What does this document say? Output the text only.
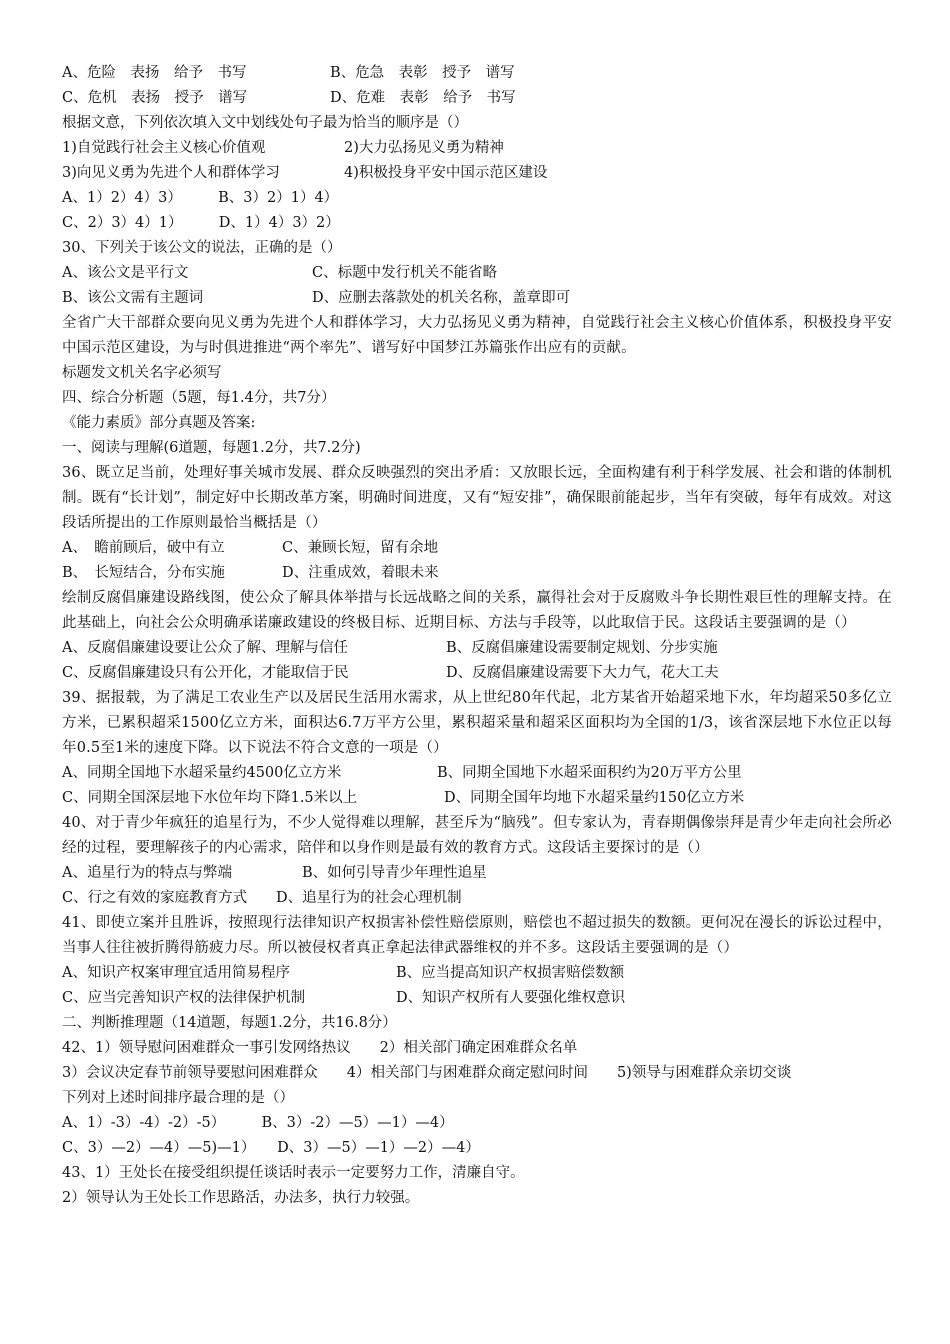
A、危险　表扬　给予　书写	B、危急　表彰　授予　谱写
C、危机　表扬　授予　谱写	D、危难　表彰　给予　书写
根据文意，下列依次填入文中划线处句子最为恰当的顺序是（）
1)自觉践行社会主义核心价值观	2)大力弘扬见义勇为精神
3)向见义勇为先进个人和群体学习	4)积极投身平安中国示范区建设
A、1）2）4）3）　　　B、3）2）1）4）
C、2）3）4）1）　　　D、1）4）3）2）
30、下列关于该公文的说法，正确的是（）
A、该公文是平行文	C、标题中发行机关不能省略
B、该公文需有主题词	D、应删去落款处的机关名称，盖章即可
全省广大干部群众要向见义勇为先进个人和群体学习，大力弘扬见义勇为精神，自觉践行社会主义核心价值体系，积极投身平安中国示范区建设，为与时俱进推进“两个率先”、谱写好中国梦江苏篇张作出应有的贡献。
标题发文机关名字必须写
四、综合分析题（5题，每1.4分，共7分）
《能力素质》部分真题及答案:
一、阅读与理解(6道题，每题1.2分，共7.2分)
36、既立足当前，处理好事关城市发展、群众反映强烈的突出矛盾：又放眼长远，全面构建有利于科学发展、社会和谐的体制机制。既有“长计划”，制定好中长期改革方案，明确时间进度，又有“短安排”，确保眼前能起步，当年有突破，每年有成效。对这段话所提出的工作原则最恰当概括是（）
A、　瞻前顾后，破中有立	C、兼顾长短，留有余地
B、　长短结合，分布实施	D、注重成效，着眼未来
绘制反腐倡廉建设路线图，使公众了解具体举措与长远战略之间的关系，赢得社会对于反腐败斗争长期性艰巨性的理解支持。在此基础上，向社会公众明确承诺廉政建设的终极目标、近期目标、方法与手段等，以此取信于民。这段话主要强调的是（）
A、反腐倡廉建设要让公众了解、理解与信任	B、反腐倡廉建设需要制定规划、分步实施
C、反腐倡廉建设只有公开化，才能取信于民	D、反腐倡廉建设需要下大力气，花大工夫
39、据报载，为了满足工农业生产以及居民生活用水需求，从上世纪80年代起，北方某省开始超采地下水，年均超采50多亿立方米，已累积超采1500亿立方米，面积达6.7万平方公里，累积超采量和超采区面积均为全国的1/3，该省深层地下水位正以每年0.5至1米的速度下降。以下说法不符合文意的一项是（）
A、同期全国地下水超采量约4500亿立方米	B、同期全国地下水超采面积约为20万平方公里
C、同期全国深层地下水位年均下降1.5米以上	D、同期全国年均地下水超采量约150亿立方米
40、对于青少年疯狂的追星行为，不少人觉得难以理解，甚至斥为“脑残”。但专家认为，青春期偶像崇拜是青少年走向社会所必经的过程，要理解孩子的内心需求，陪伴和以身作则是最有效的教育方式。这段话主要探讨的是（）
A、追星行为的特点与弊端	B、如何引导青少年理性追星
C、行之有效的家庭教育方式	D、追星行为的社会心理机制
41、即使立案并且胜诉，按照现行法律知识产权损害补偿性赔偿原则，赔偿也不超过损失的数额。更何况在漫长的诉讼过程中，当事人往往被折腾得筋疲力尽。所以被侵权者真正拿起法律武器维权的并不多。这段话主要强调的是（）
A、知识产权案审理宜适用简易程序	B、应当提高知识产权损害赔偿数额
C、应当完善知识产权的法律保护机制	D、知识产权所有人要强化维权意识
二、判断推理题（14道题，每题1.2分，共16.8分）
42、1）领导慰问困难群众一事引发网络热议　　2）相关部门确定困难群众名单
3）会议决定春节前领导要慰问困难群众　　4）相关部门与困难群众商定慰问时间　　5)领导与困难群众亲切交谈
下列对上述时间排序最合理的是（）
A、1）-3）-4）-2）-5）　　　B、3）-2）—5）—1）—4）
C、3）—2）—4）—5)—1）　　D、3）—5）—1）—2）—4）
43、1）王处长在接受组织提任谈话时表示一定要努力工作，清廉自守。
2）领导认为王处长工作思路活，办法多，执行力较强。
